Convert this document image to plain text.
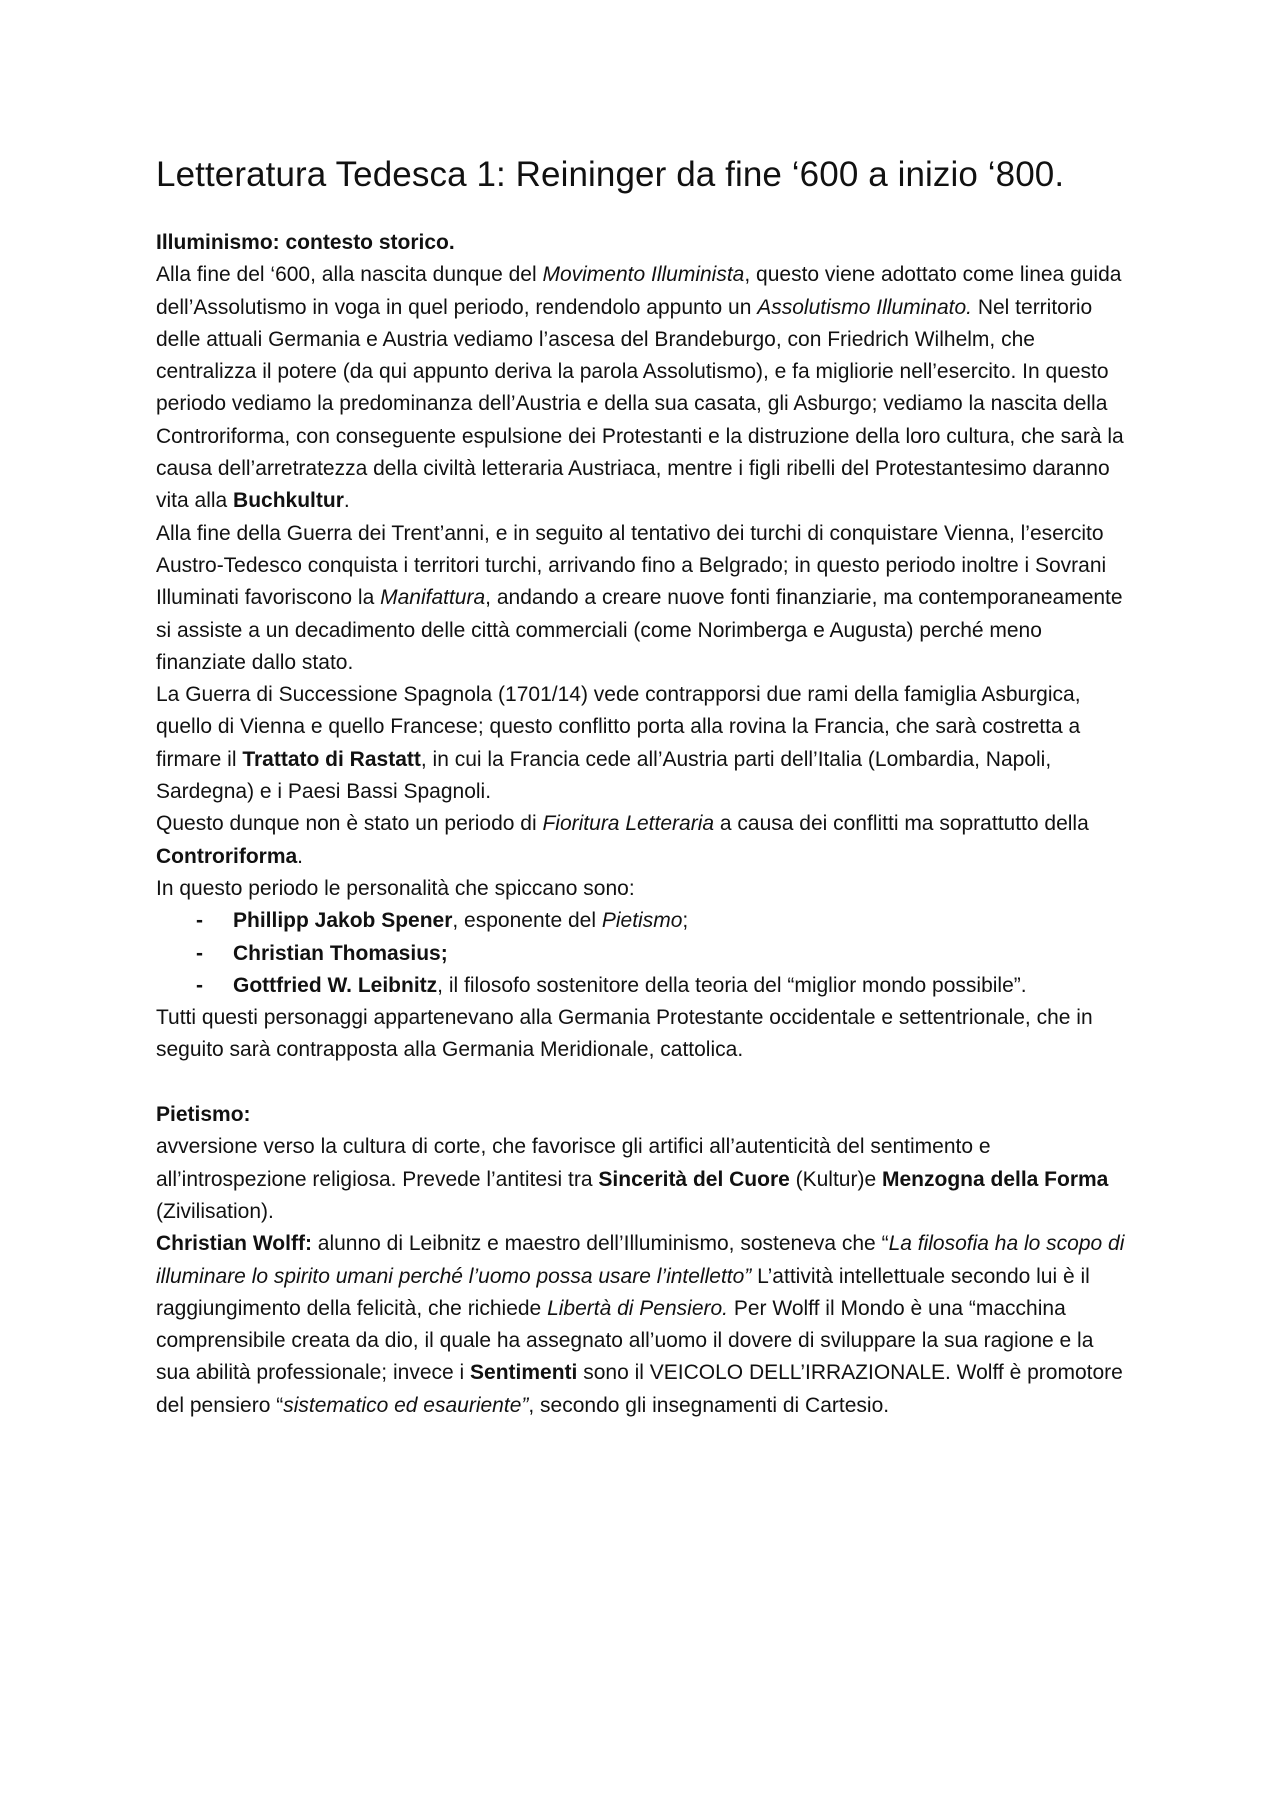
Letteratura Tedesca 1: Reininger da fine ‘600 a inizio ‘800.

Illuminismo: contesto storico.

Alla fine del ‘600, alla nascita dunque del Movimento Illuminista, questo viene adottato come linea guida dell’Assolutismo in voga in quel periodo, rendendolo appunto un Assolutismo Illuminato. Nel territorio delle attuali Germania e Austria vediamo l’ascesa del Brandeburgo, con Friedrich Wilhelm, che centralizza il potere (da qui appunto deriva la parola Assolutismo), e fa migliorie nell’esercito. In questo periodo vediamo la predominanza dell’Austria e della sua casata, gli Asburgo; vediamo la nascita della Controriforma, con conseguente espulsione dei Protestanti e la distruzione della loro cultura, che sarà la causa dell’arretratezza della civiltà letteraria Austriaca, mentre i figli ribelli del Protestantesimo daranno vita alla Buchkultur.

Alla fine della Guerra dei Trent’anni, e in seguito al tentativo dei turchi di conquistare Vienna, l’esercito Austro-Tedesco conquista i territori turchi, arrivando fino a Belgrado; in questo periodo inoltre i Sovrani Illuminati favoriscono la Manifattura, andando a creare nuove fonti finanziarie, ma contemporaneamente si assiste a un decadimento delle città commerciali (come Norimberga e Augusta) perché meno finanziate dallo stato.

La Guerra di Successione Spagnola (1701/14) vede contrapporsi due rami della famiglia Asburgica, quello di Vienna e quello Francese; questo conflitto porta alla rovina la Francia, che sarà costretta a firmare il Trattato di Rastatt, in cui la Francia cede all’Austria parti dell’Italia (Lombardia, Napoli, Sardegna) e i Paesi Bassi Spagnoli.

Questo dunque non è stato un periodo di Fioritura Letteraria a causa dei conflitti ma soprattutto della Controriforma.

In questo periodo le personalità che spiccano sono:

- Phillipp Jakob Spener, esponente del Pietismo;
- Christian Thomasius;
- Gottfried W. Leibnitz, il filosofo sostenitore della teoria del “miglior mondo possibile”.

Tutti questi personaggi appartenevano alla Germania Protestante occidentale e settentrionale, che in seguito sarà contrapposta alla Germania Meridionale, cattolica.

Pietismo:

avversione verso la cultura di corte, che favorisce gli artifici all’autenticità del sentimento e all’introspezione religiosa. Prevede l’antitesi tra Sincerità del Cuore (Kultur)e Menzogna della Forma (Zivilisation).

Christian Wolff: alunno di Leibnitz e maestro dell’Illuminismo, sosteneva che “La filosofia ha lo scopo di illuminare lo spirito umani perché l’uomo possa usare l’intelletto” L’attività intellettuale secondo lui è il raggiungimento della felicità, che richiede Libertà di Pensiero. Per Wolff il Mondo è una “macchina comprensibile creata da dio, il quale ha assegnato all’uomo il dovere di sviluppare la sua ragione e la sua abilità professionale; invece i Sentimenti sono il VEICOLO DELL’IRRAZIONALE. Wolff è promotore del pensiero “sistematico ed esauriente”, secondo gli insegnamenti di Cartesio.
